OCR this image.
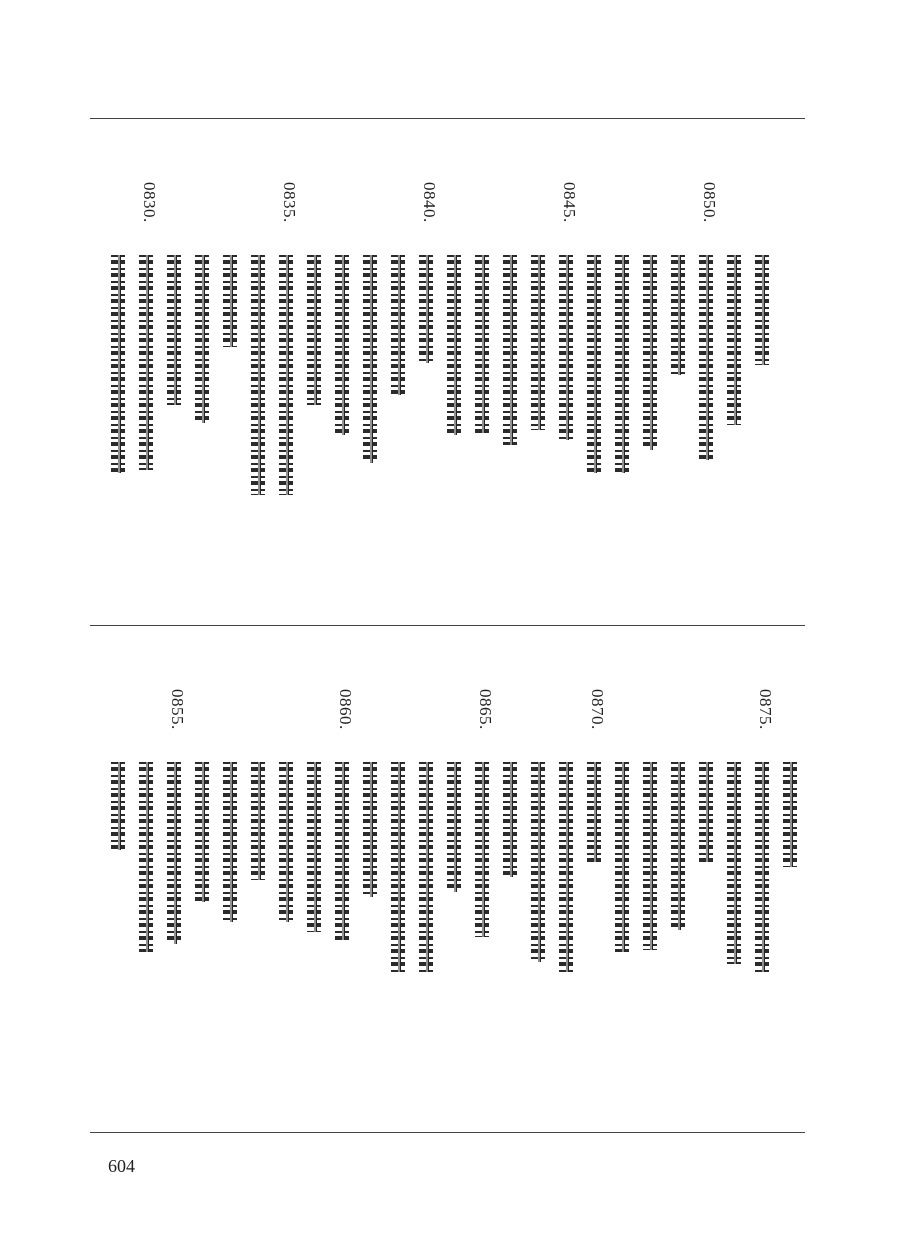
0850.
0845.
0840.
0835.
0830.
0875.
0870.
0865.
0860.
0855.
604
